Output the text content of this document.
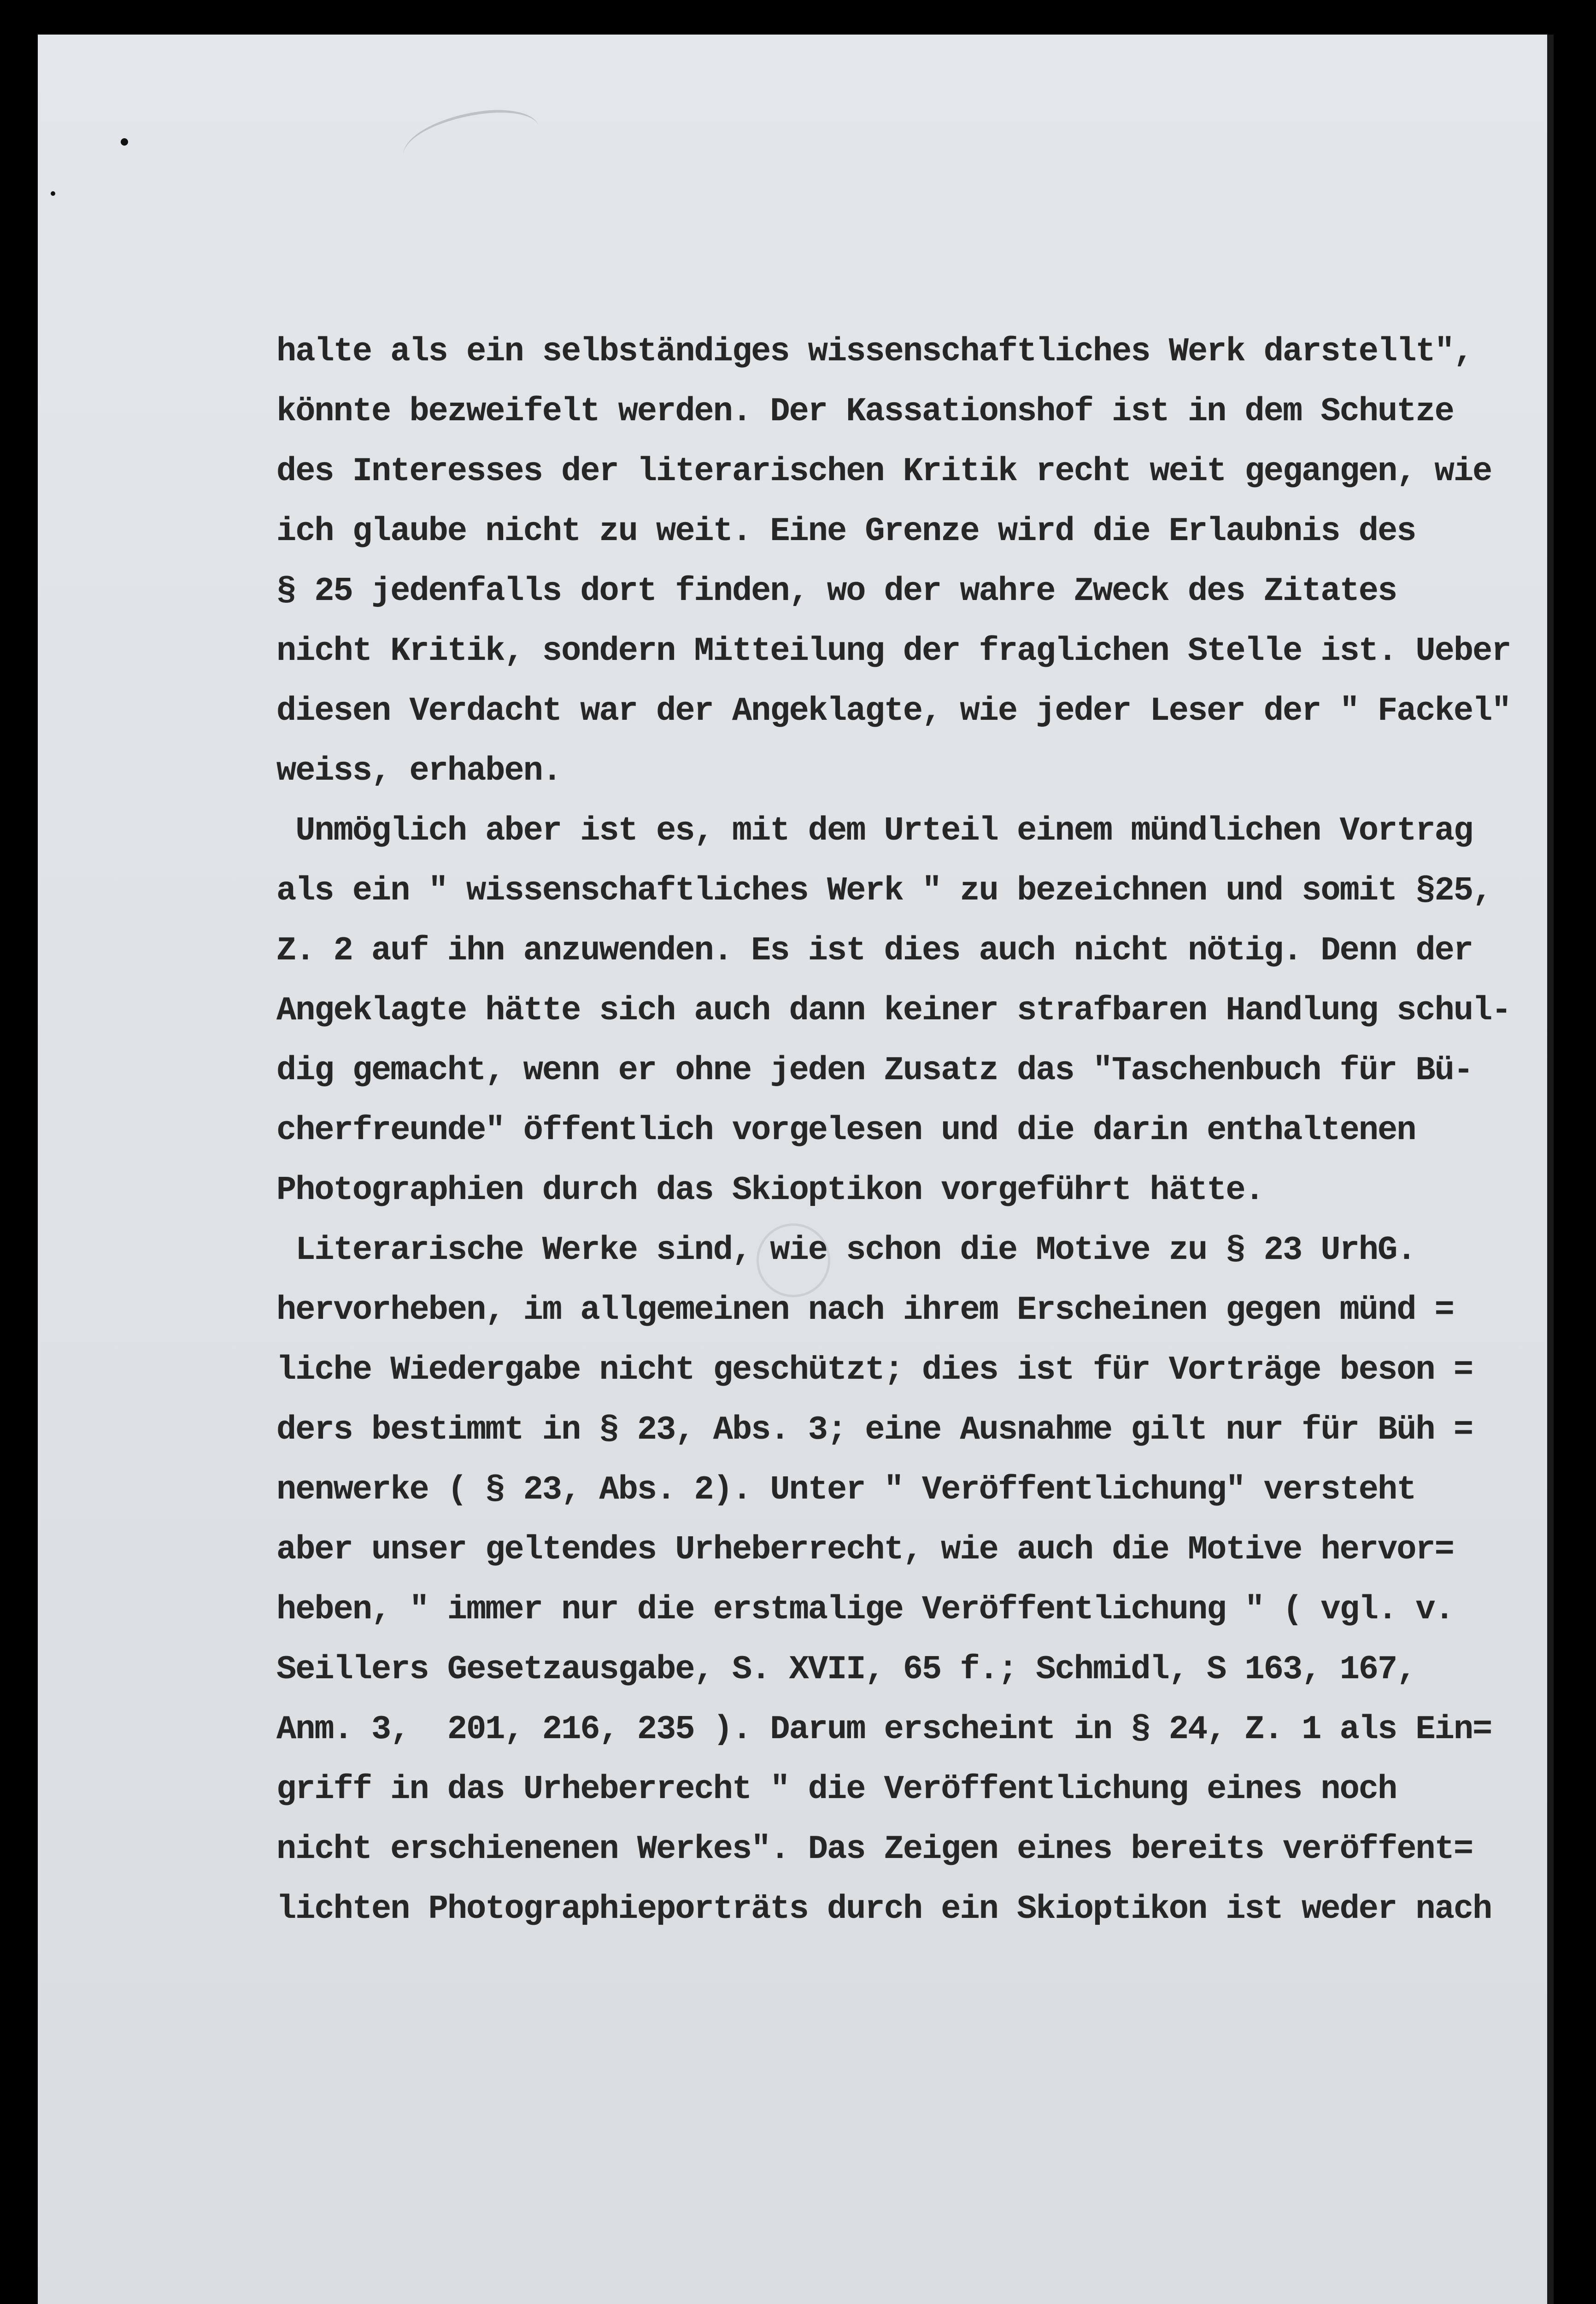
halte als ein selbständiges wissenschaftliches Werk darstellt",
könnte bezweifelt werden. Der Kassationshof ist in dem Schutze
des Interesses der literarischen Kritik recht weit gegangen, wie
ich glaube nicht zu weit. Eine Grenze wird die Erlaubnis des
§ 25 jedenfalls dort finden, wo der wahre Zweck des Zitates
nicht Kritik, sondern Mitteilung der fraglichen Stelle ist. Ueber
diesen Verdacht war der Angeklagte, wie jeder Leser der " Fackel"
weiss, erhaben.
Unmöglich aber ist es, mit dem Urteil einem mündlichen Vortrag
als ein " wissenschaftliches Werk " zu bezeichnen und somit §25,
Z. 2 auf ihn anzuwenden. Es ist dies auch nicht nötig. Denn der
Angeklagte hätte sich auch dann keiner strafbaren Handlung schul-
dig gemacht, wenn er ohne jeden Zusatz das "Taschenbuch für Bü-
cherfreunde" öffentlich vorgelesen und die darin enthaltenen
Photographien durch das Skioptikon vorgeführt hätte.
Literarische Werke sind, wie schon die Motive zu § 23 UrhG.
hervorheben, im allgemeinen nach ihrem Erscheinen gegen münd =
liche Wiedergabe nicht geschützt; dies ist für Vorträge beson =
ders bestimmt in § 23, Abs. 3; eine Ausnahme gilt nur für Büh =
nenwerke ( § 23, Abs. 2). Unter " Veröffentlichung" versteht
aber unser geltendes Urheberrecht, wie auch die Motive hervor=
heben, " immer nur die erstmalige Veröffentlichung " ( vgl. v.
Seillers Gesetzausgabe, S. XVII, 65 f.; Schmidl, S 163, 167,
Anm. 3,  201, 216, 235 ). Darum erscheint in § 24, Z. 1 als Ein=
griff in das Urheberrecht " die Veröffentlichung eines noch
nicht erschienenen Werkes". Das Zeigen eines bereits veröffent=
lichten Photographieporträts durch ein Skioptikon ist weder nach
